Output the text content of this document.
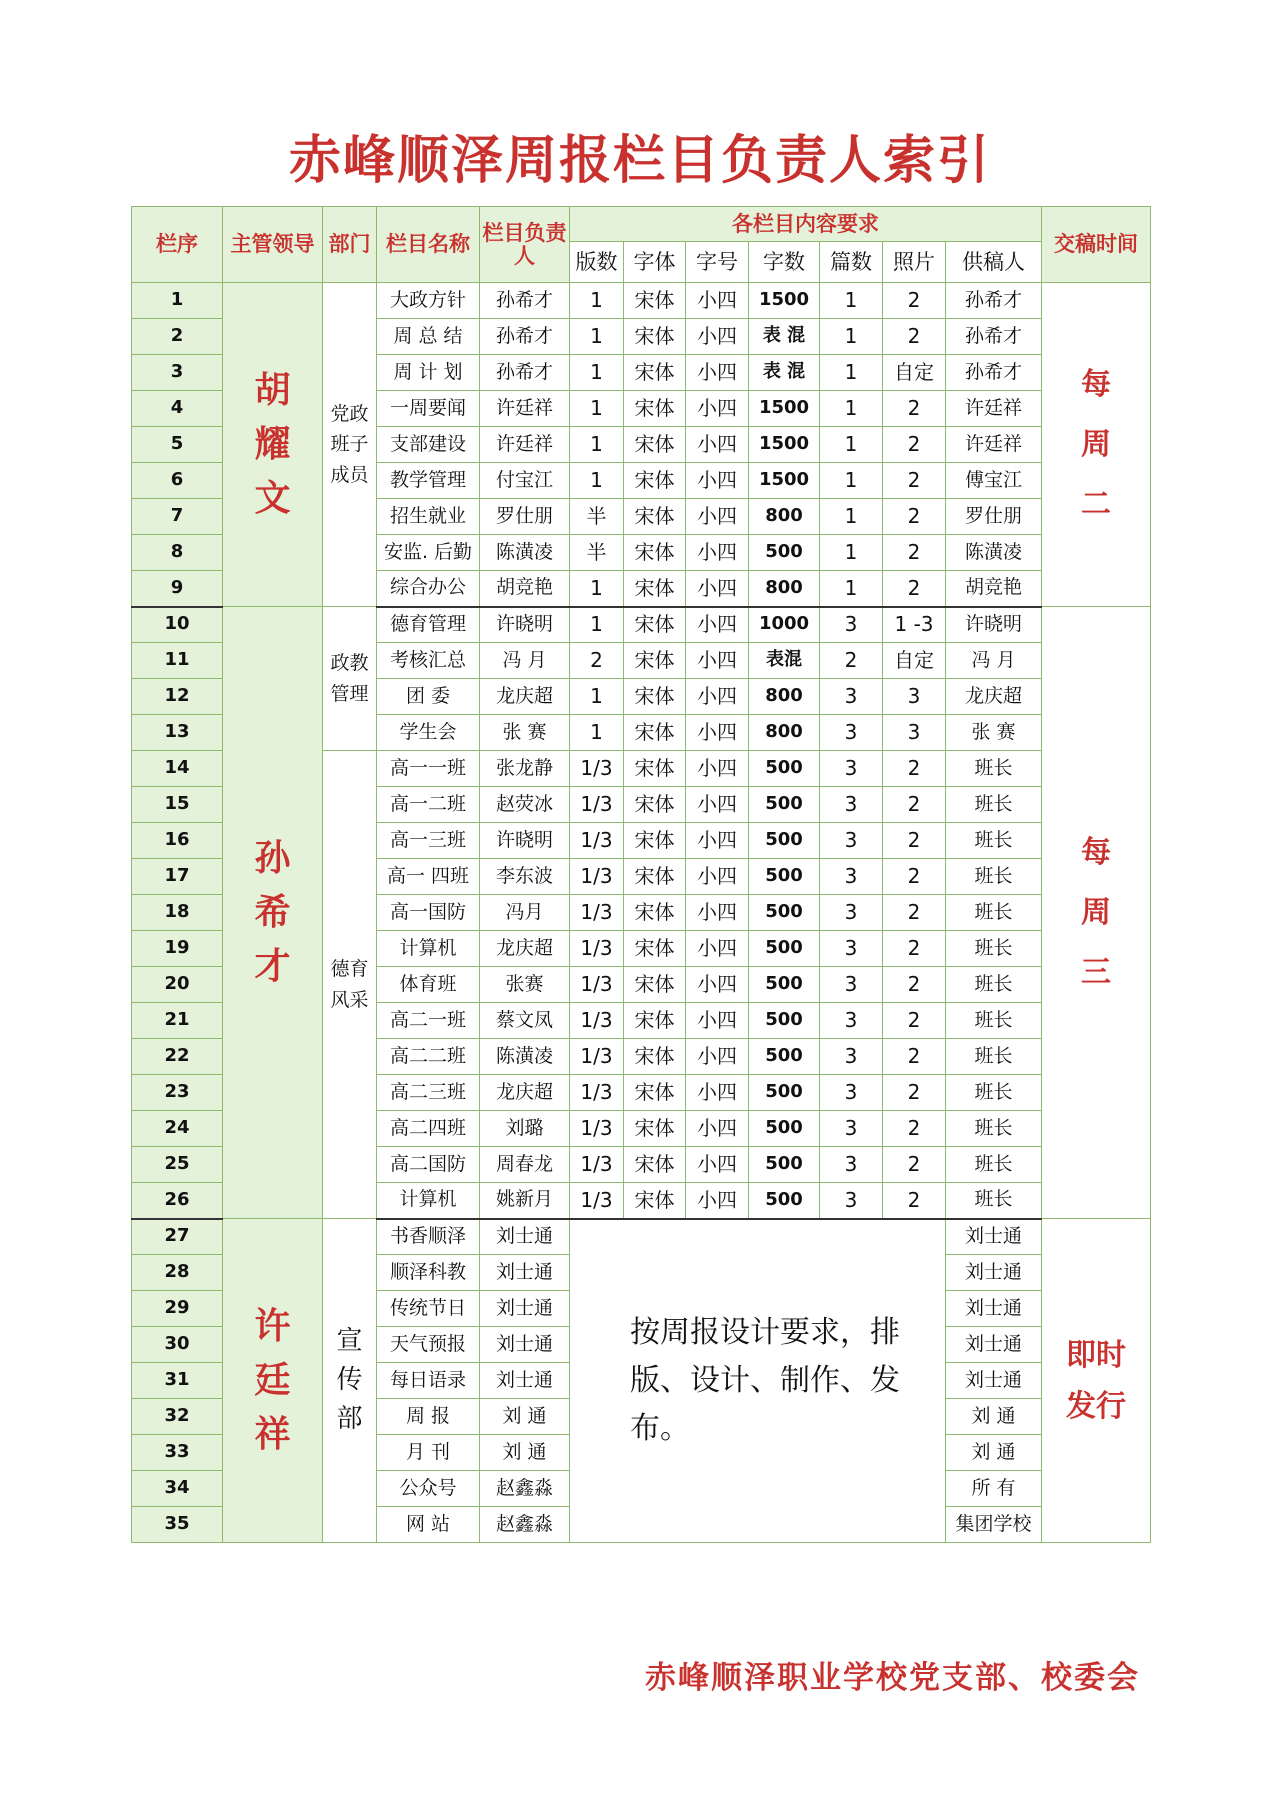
赤峰顺泽周报栏目负责人索引
栏序	主管领导	部门	栏目名称	栏目负责人	各栏目内容要求							交稿时间
					版数	字体	字号	字数	篇数	照片	供稿人	
1	胡
耀
文	党政
班子
成员	大政方针	孙希才	1	宋体	小四	1500	1	2	孙希才	每
周
二

2			周 总 结	孙希才	1	宋体	小四	表 混	1	2	孙希才	
3			周 计 划	孙希才	1	宋体	小四	表 混	1	自定	孙希才	
4			一周要闻	许廷祥	1	宋体	小四	1500	1	2	许廷祥	
5			支部建设	许廷祥	1	宋体	小四	1500	1	2	许廷祥	
6			教学管理	付宝江	1	宋体	小四	1500	1	2	傅宝江	
7			招生就业	罗仕朋	半	宋体	小四	800	1	2	罗仕朋	
8			安监. 后勤	陈潢凌	半	宋体	小四	500	1	2	陈潢凌	
9			综合办公	胡竞艳	1	宋体	小四	800	1	2	胡竞艳	
10	孙
希
才	政教
管理	德育管理	许晓明	1	宋体	小四	1000	3	1 -3	许晓明	每
周
三

11			考核汇总	冯 月	2	宋体	小四	表混	2	自定	冯 月	
12			团 委	龙庆超	1	宋体	小四	800	3	3	龙庆超	
13			学生会	张 赛	1	宋体	小四	800	3	3	张 赛	
14		德育
风采	高一一班	张龙静	1/3	宋体	小四	500	3	2	班长	
15			高一二班	赵荧冰	1/3	宋体	小四	500	3	2	班长	
16			高一三班	许晓明	1/3	宋体	小四	500	3	2	班长	
17			高一 四班	李东波	1/3	宋体	小四	500	3	2	班长	
18			高一国防	冯月	1/3	宋体	小四	500	3	2	班长	
19			计算机	龙庆超	1/3	宋体	小四	500	3	2	班长	
20			体育班	张赛	1/3	宋体	小四	500	3	2	班长	
21			高二一班	蔡文凤	1/3	宋体	小四	500	3	2	班长	
22			高二二班	陈潢凌	1/3	宋体	小四	500	3	2	班长	
23			高二三班	龙庆超	1/3	宋体	小四	500	3	2	班长	
24			高二四班	刘璐	1/3	宋体	小四	500	3	2	班长	
25			高二国防	周春龙	1/3	宋体	小四	500	3	2	班长	
26			计算机	姚新月	1/3	宋体	小四	500	3	2	班长	
27	许
廷
祥	宣
传
部	书香顺泽	刘士通	按周报设计要求，排版、设计、制作、发布。						刘士通	即时
发行

28			顺泽科教	刘士通							刘士通	
29			传统节日	刘士通							刘士通	
30			天气预报	刘士通							刘士通	
31			每日语录	刘士通							刘士通	
32			周 报	刘 通							刘 通	
33			月 刊	刘 通							刘 通	
34			公众号	赵鑫淼							所 有	
35			网 站	赵鑫淼							集团学校	
赤峰顺泽职业学校党支部、校委会
